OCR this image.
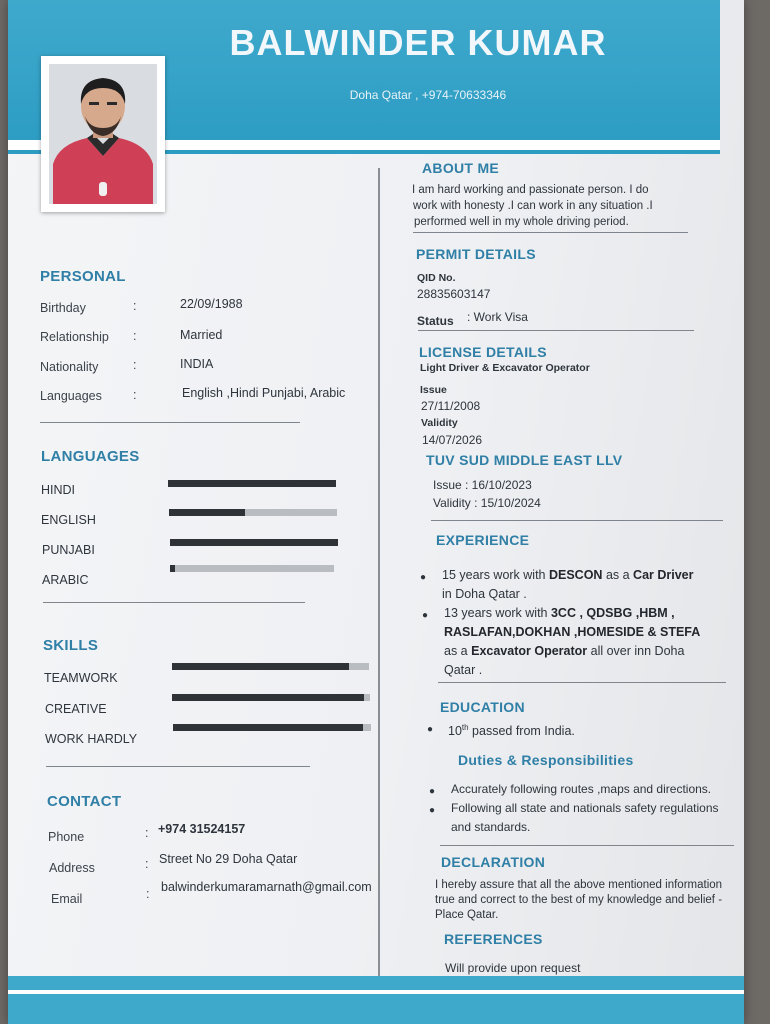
BALWINDER KUMAR
Doha Qatar , +974-70633346
PERSONAL
Birthday	:	22/09/1988
Relationship :	Married
Nationality	:	INDIA
Languages :	English ,Hindi Punjabi, Arabic
LANGUAGES
HINDI
ENGLISH
PUNJABI
ARABIC
SKILLS
TEAMWORK
CREATIVE
WORK HARDLY
CONTACT
Phone	: +974 31524157
Address	: Street No 29 Doha Qatar
Email	: balwinderkumaramarnath@gmail.com
ABOUT ME
I am hard working and passionate person. I do
work with honesty .I can work in any situation .I
performed well in my whole driving period.
PERMIT DETAILS
QID No.
28835603147
Status : Work Visa
LICENSE DETAILS
Light Driver & Excavator Operator
Issue
27/11/2008
Validity
14/07/2026
TUV SUD MIDDLE EAST LLV
Issue : 16/10/2023
Validity : 15/10/2024
EXPERIENCE
● 15 years work with DESCON as a Car Driver
in Doha Qatar .
● 13 years work with 3CC , QDSBG ,HBM ,
RASLAFAN,DOKHAN ,HOMESIDE & STEFA
as a Excavator Operator all over inn Doha
Qatar .
EDUCATION
● 10th passed from India.
Duties & Responsibilities
● Accurately following routes ,maps and directions.
● Following all state and nationals safety regulations
and standards.
DECLARATION
I hereby assure that all the above mentioned information
true and correct to the best of my knowledge and belief -
Place Qatar.
REFERENCES
Will provide upon request
